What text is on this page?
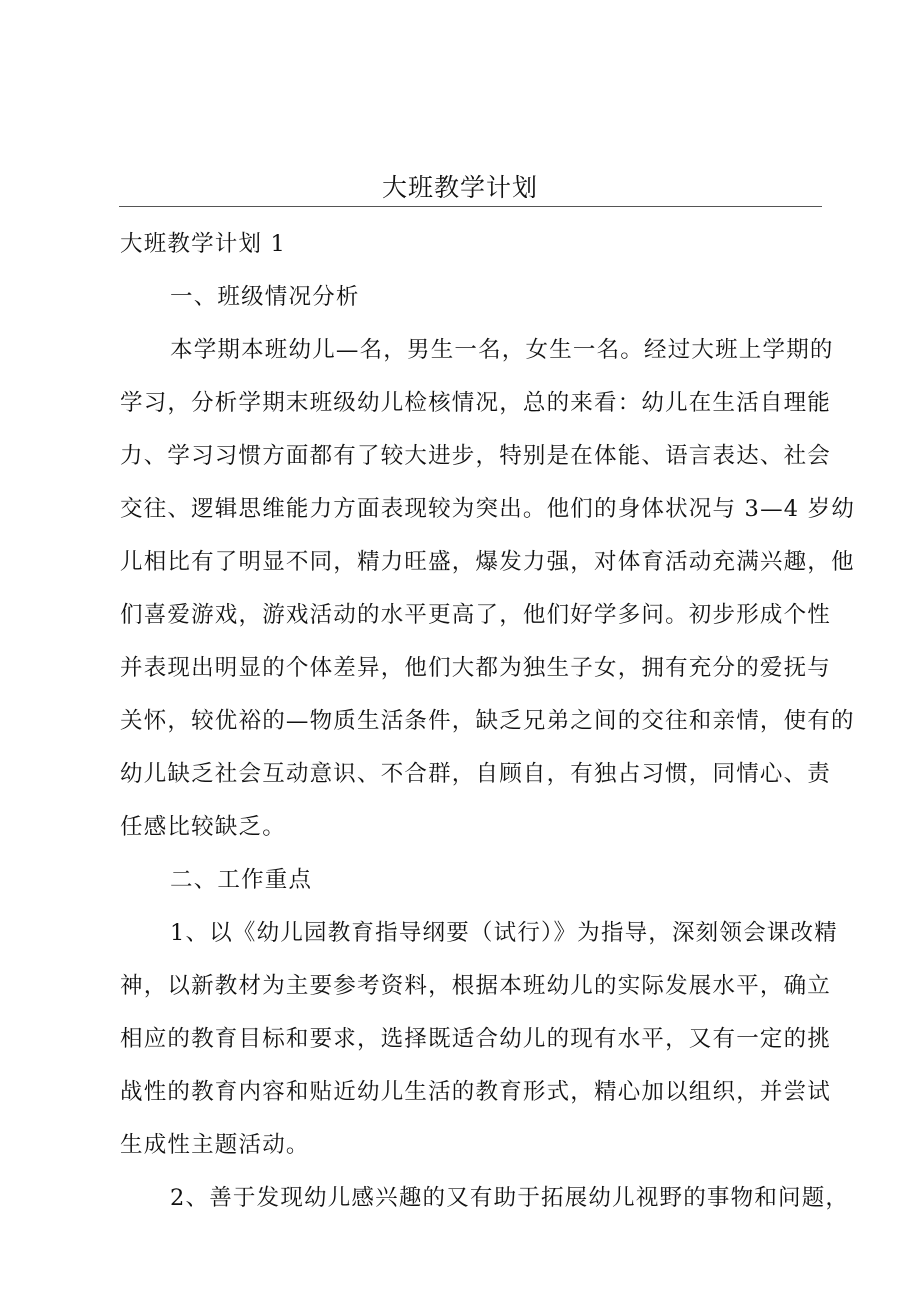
大班教学计划
大班教学计划 1
一、班级情况分析
本学期本班幼儿—名，男生一名，女生一名。经过大班上学期的
学习，分析学期末班级幼儿检核情况，总的来看：幼儿在生活自理能
力、学习习惯方面都有了较大进步，特别是在体能、语言表达、社会
交往、逻辑思维能力方面表现较为突出。他们的身体状况与 3—4 岁幼
儿相比有了明显不同，精力旺盛，爆发力强，对体育活动充满兴趣，他
们喜爱游戏，游戏活动的水平更高了，他们好学多问。初步形成个性
并表现出明显的个体差异，他们大都为独生子女，拥有充分的爱抚与
关怀，较优裕的—物质生活条件，缺乏兄弟之间的交往和亲情，使有的
幼儿缺乏社会互动意识、不合群，自顾自，有独占习惯，同情心、责
任感比较缺乏。
二、工作重点
1、以《幼儿园教育指导纲要（试行）》为指导，深刻领会课改精
神，以新教材为主要参考资料，根据本班幼儿的实际发展水平，确立
相应的教育目标和要求，选择既适合幼儿的现有水平，又有一定的挑
战性的教育内容和贴近幼儿生活的教育形式，精心加以组织，并尝试
生成性主题活动。
2、善于发现幼儿感兴趣的又有助于拓展幼儿视野的事物和问题，
